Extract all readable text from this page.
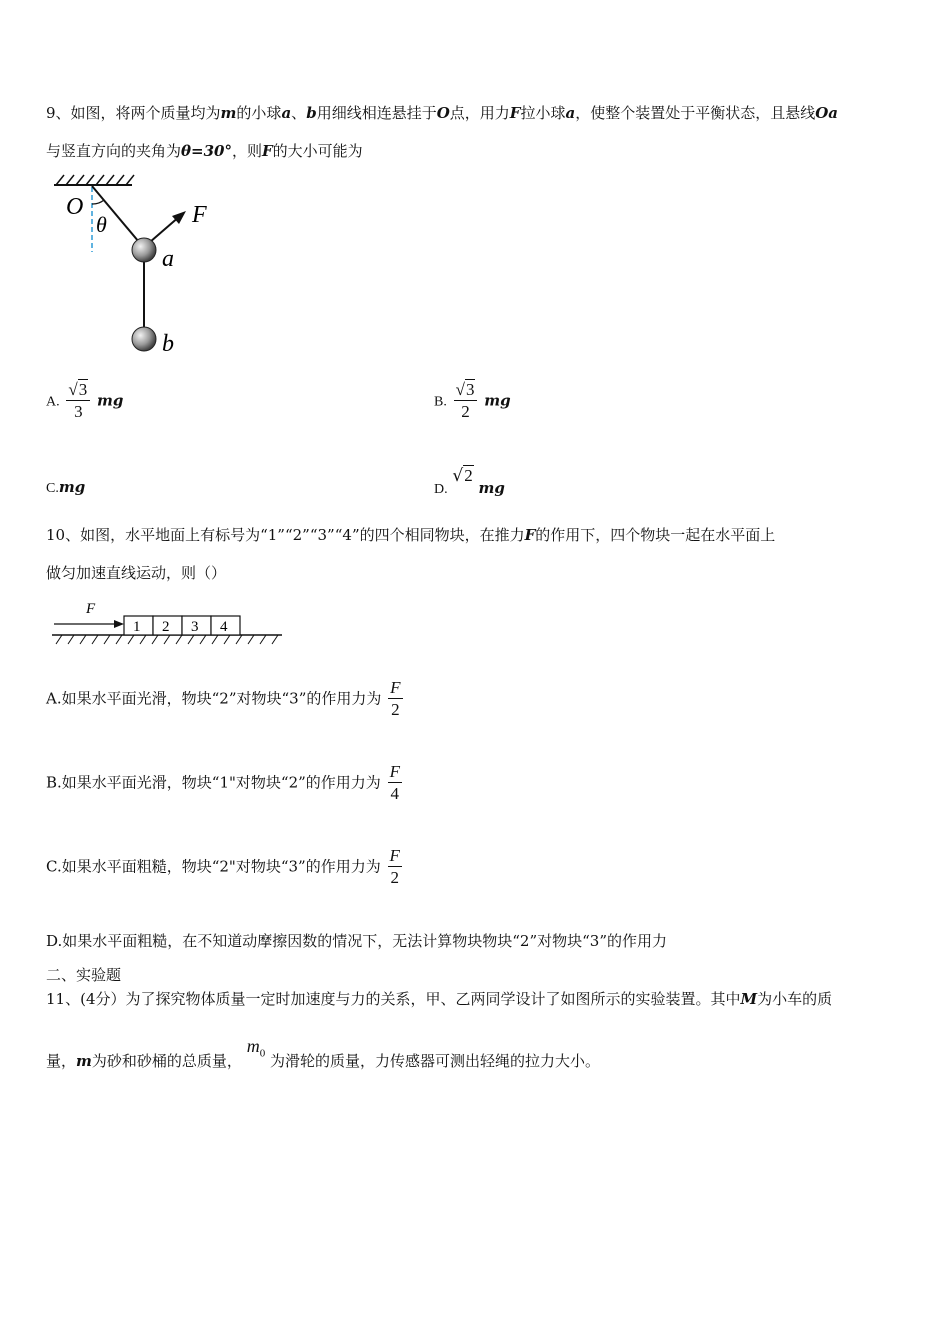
9、如图，将两个质量均为m的小球a、b用细线相连悬挂于O点，用力F拉小球a，使整个装置处于平衡状态，且悬线Oa
与竖直方向的夹角为θ=30°，则F的大小可能为
O
θ	F
a
b
A. $\frac{√3}{3}$ mg	B. $\frac{√3}{2}$ mg
C.mg	D. √2 mg
10、如图，水平地面上有标号为“1”“2”“3”“4”的四个相同物块，在推力F的作用下，四个物块一起在水平面上
做匀加速直线运动，则（）
F
1 2 3 4
A.如果水平面光滑，物块“2”对物块“3”的作用力为 $\frac{F}{2}$
B.如果水平面光滑，物块“1"对物块“2”的作用力为 $\frac{F}{4}$
C.如果水平面粗糙，物块“2"对物块“3”的作用力为 $\frac{F}{2}$
D.如果水平面粗糙，在不知道动摩擦因数的情况下，无法计算物块物块“2”对物块“3”的作用力
二、实验题
11、(4分）为了探究物体质量一定时加速度与力的关系，甲、乙两同学设计了如图所示的实验装置。其中M为小车的质
量，m为砂和砂桶的总质量， $m_0$ 为滑轮的质量，力传感器可测出轻绳的拉力大小。
